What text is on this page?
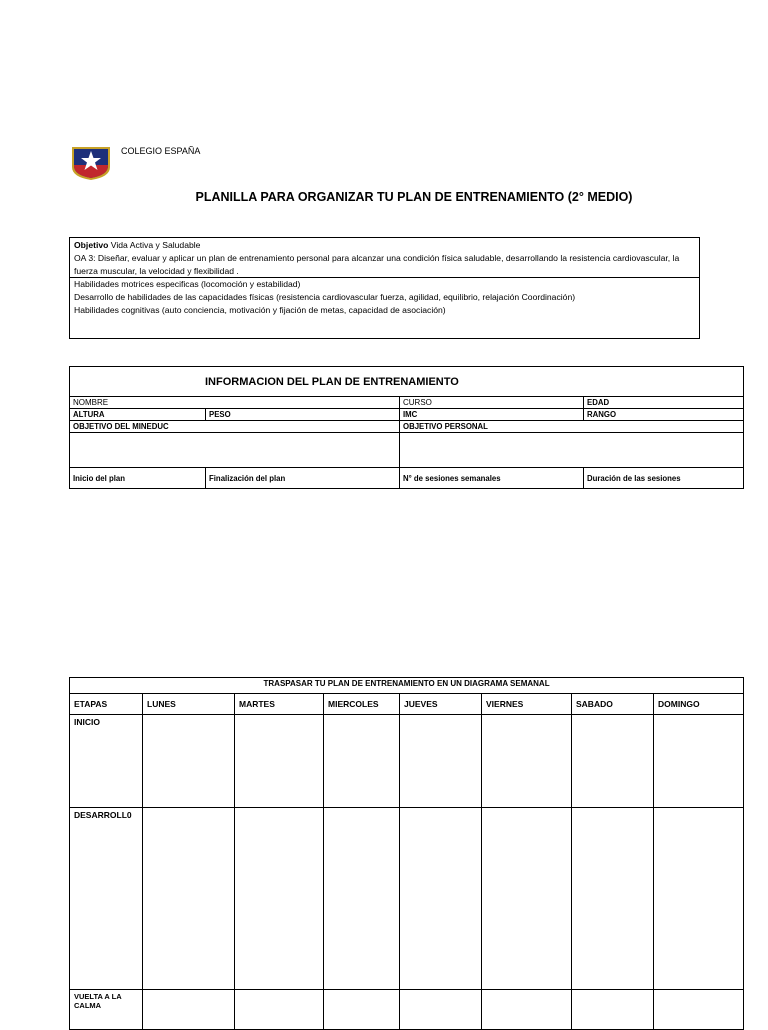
COLEGIO ESPAÑA
PLANILLA PARA ORGANIZAR TU PLAN DE ENTRENAMIENTO (2° MEDIO)
Objetivo Vida Activa y Saludable
OA 3: Diseñar, evaluar y aplicar un plan de entrenamiento personal para alcanzar una condición física saludable, desarrollando la resistencia cardiovascular, la fuerza muscular, la velocidad y flexibilidad .
Habilidades motrices especificas (locomoción y estabilidad)
Desarrollo de habilidades de las capacidades físicas (resistencia cardiovascular fuerza, agilidad, equilibrio, relajación Coordinación)
Habilidades cognitivas (auto conciencia, motivación y fijación de metas, capacidad de asociación)
INFORMACION DEL PLAN DE ENTRENAMIENTO			
NOMBRE		CURSO	EDAD
ALTURA	PESO	IMC	RANGO
OBJETIVO DEL MINEDUC		OBJETIVO PERSONAL	

Inicio del plan	Finalización del plan	N° de sesiones semanales	Duración de las sesiones
TRASPASAR TU PLAN DE ENTRENAMIENTO EN UN DIAGRAMA SEMANAL							
ETAPAS	LUNES	MARTES	MIERCOLES	JUEVES	VIERNES	SABADO	DOMINGO
INICIO							
DESARROLL0							
VUELTA A LA CALMA							
